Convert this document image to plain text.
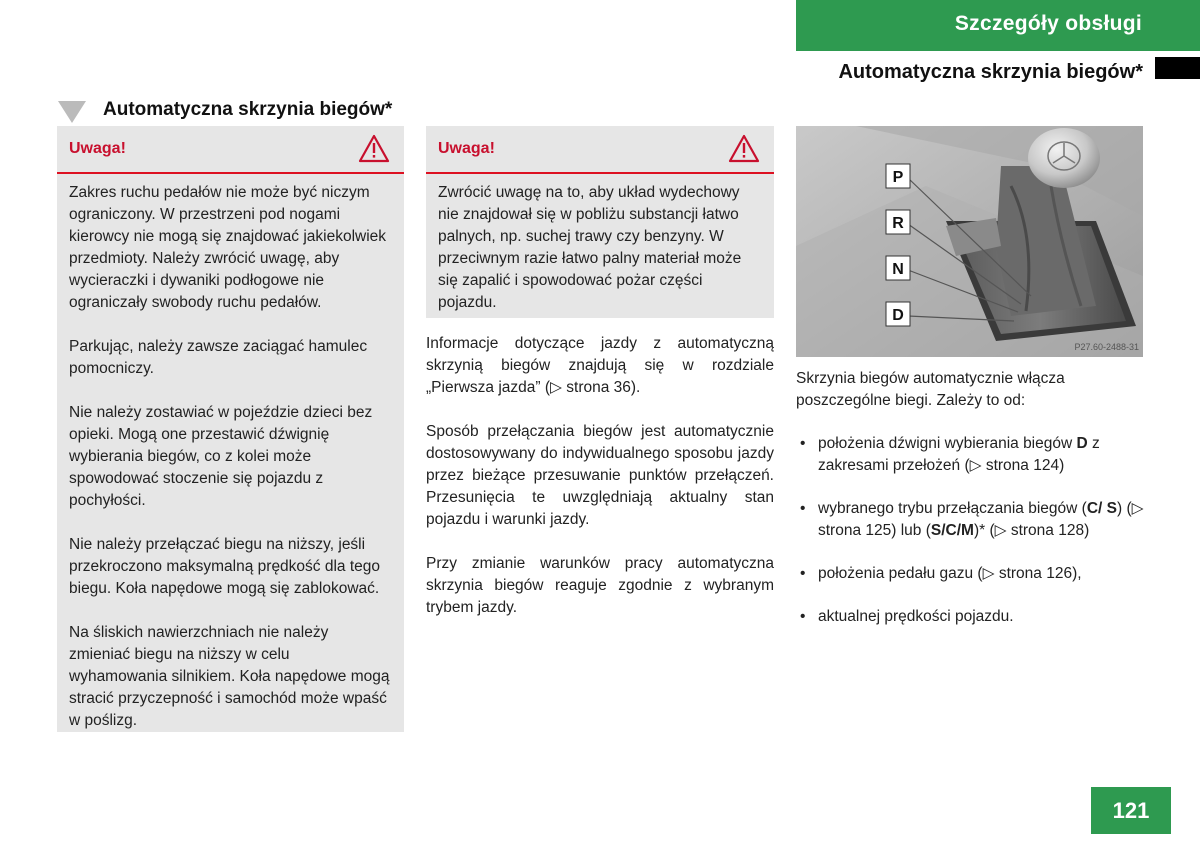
Szczegóły obsługi
Automatyczna skrzynia biegów*
Automatyczna skrzynia biegów*
Uwaga!

Zakres ruchu pedałów nie może być niczym ograniczony. W przestrzeni pod nogami kierowcy nie mogą się znajdować jakiekolwiek przedmioty. Należy zwrócić uwagę, aby wycieraczki i dywaniki podłogowe nie ograniczały swobody ruchu pedałów.

Parkując, należy zawsze zaciągać hamulec pomocniczy.

Nie należy zostawiać w pojeździe dzieci bez opieki. Mogą one przestawić dźwignię wybierania biegów, co z kolei może spowodować stoczenie się pojazdu z pochyłości.

Nie należy przełączać biegu na niższy, jeśli przekroczono maksymalną prędkość dla tego biegu. Koła napędowe mogą się zablokować.

Na śliskich nawierzchniach nie należy zmieniać biegu na niższy w celu wyhamowania silnikiem. Koła napędowe mogą stracić przyczepność i samochód może wpaść w poślizg.

Uwaga!

Zwrócić uwagę na to, aby układ wydechowy nie znajdował się w pobliżu substancji łatwo palnych, np. suchej trawy czy benzyny. W przeciwnym razie łatwo palny materiał może się zapalić i spowodować pożar części pojazdu.

Informacje dotyczące jazdy z automatyczną skrzynią biegów znajdują się w rozdziale „Pierwsza jazda” (▷ strona 36).

Sposób przełączania biegów jest automatycznie dostosowywany do indywidualnego sposobu jazdy przez bieżące przesuwanie punktów przełączeń. Przesunięcia te uwzględniają aktualny stan pojazdu i warunki jazdy.

Przy zmianie warunków pracy automatyczna skrzynia biegów reaguje zgodnie z wybranym trybem jazdy.

P
R
N
D
P27.60-2488-31

Skrzynia biegów automatycznie włącza poszczególne biegi. Zależy to od:

• położenia dźwigni wybierania biegów D z zakresami przełożeń (▷ strona 124)
• wybranego trybu przełączania biegów (C/ S) (▷ strona 125) lub (S/C/M)* (▷ strona 128)
• położenia pedału gazu (▷ strona 126),
• aktualnej prędkości pojazdu.
121
